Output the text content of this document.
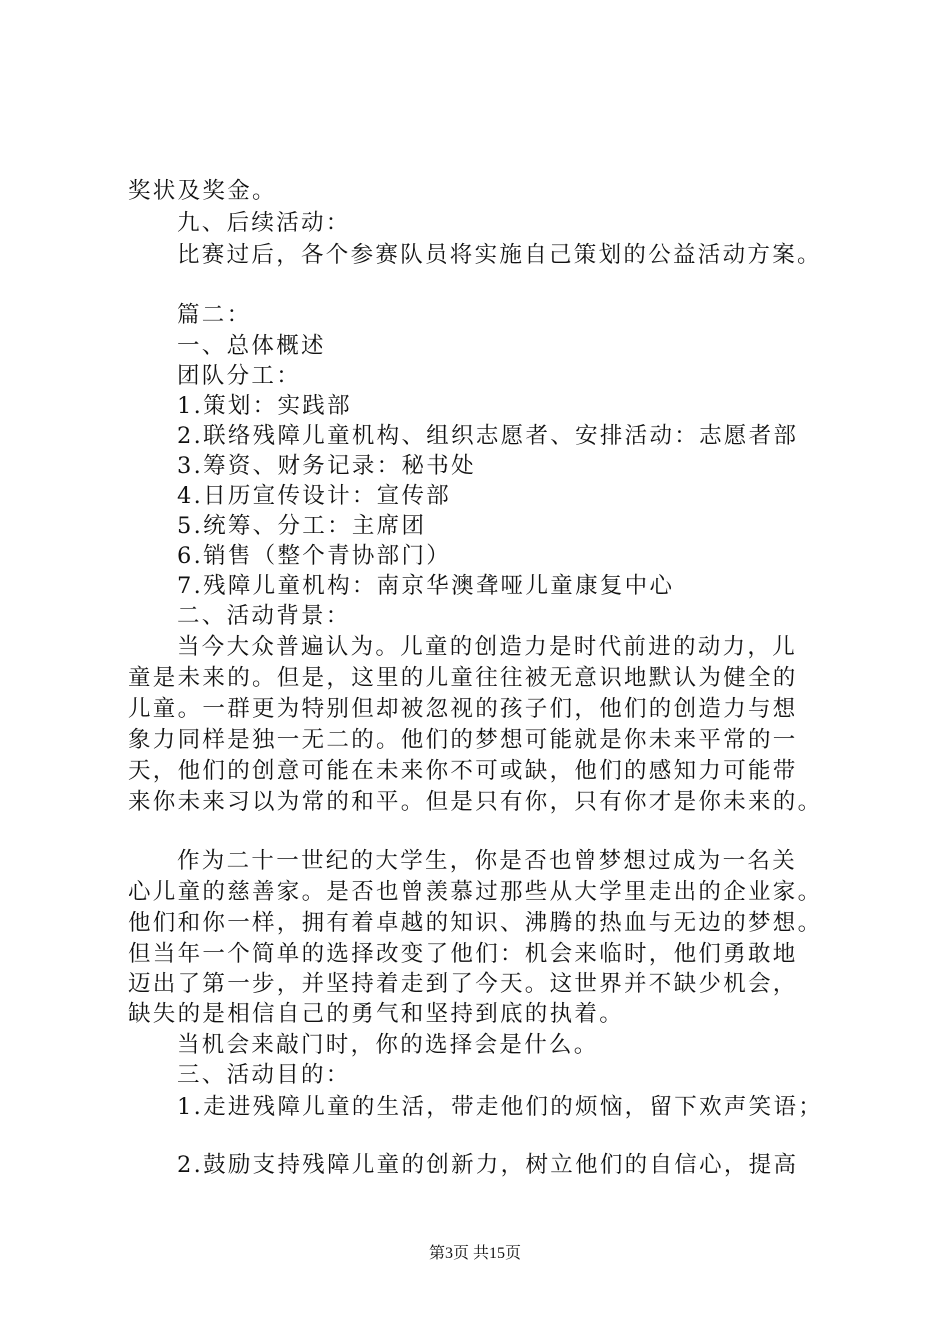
奖状及奖金。
九、后续活动：
比赛过后，各个参赛队员将实施自己策划的公益活动方案。
篇二：
一、总体概述
团队分工：
1.策划：实践部
2.联络残障儿童机构、组织志愿者、安排活动：志愿者部
3.筹资、财务记录：秘书处
4.日历宣传设计：宣传部
5.统筹、分工：主席团
6.销售（整个青协部门）
7.残障儿童机构：南京华澳聋哑儿童康复中心
二、活动背景：
当今大众普遍认为。儿童的创造力是时代前进的动力，儿
童是未来的。但是，这里的儿童往往被无意识地默认为健全的
儿童。一群更为特别但却被忽视的孩子们，他们的创造力与想
象力同样是独一无二的。他们的梦想可能就是你未来平常的一
天，他们的创意可能在未来你不可或缺，他们的感知力可能带
来你未来习以为常的和平。但是只有你，只有你才是你未来的。
作为二十一世纪的大学生，你是否也曾梦想过成为一名关
心儿童的慈善家。是否也曾羡慕过那些从大学里走出的企业家。
他们和你一样，拥有着卓越的知识、沸腾的热血与无边的梦想。
但当年一个简单的选择改变了他们：机会来临时，他们勇敢地
迈出了第一步，并坚持着走到了今天。这世界并不缺少机会，
缺失的是相信自己的勇气和坚持到底的执着。
当机会来敲门时，你的选择会是什么。
三、活动目的：
1.走进残障儿童的生活，带走他们的烦恼，留下欢声笑语；
2.鼓励支持残障儿童的创新力，树立他们的自信心，提高
第3页 共15页
